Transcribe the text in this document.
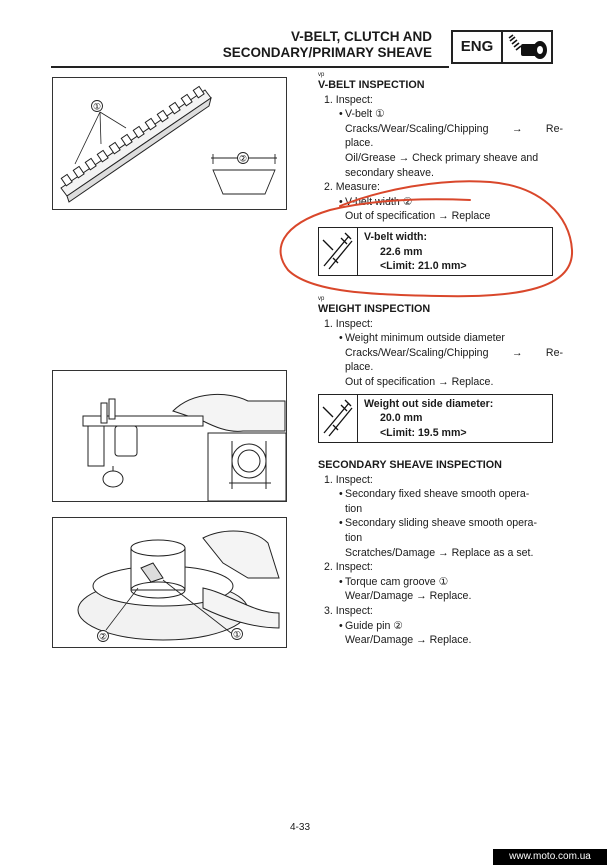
V-BELT, CLUTCH AND
SECONDARY/PRIMARY SHEAVE	ENG
①
②
②	①
vp
V-BELT INSPECTION
1. Inspect:
• V-belt ①
Cracks/Wear/Scaling/Chipping → Re-
place.
Oil/Grease → Check primary sheave and
secondary sheave.
2. Measure:
• V-belt width ②
Out of specification → Replace
V-belt width:
22.6 mm
<Limit: 21.0 mm>
vp
WEIGHT INSPECTION
1. Inspect:
• Weight minimum outside diameter
Cracks/Wear/Scaling/Chipping → Re-
place.
Out of specification → Replace.
Weight out side diameter:
20.0 mm
<Limit: 19.5 mm>
SECONDARY SHEAVE INSPECTION
1. Inspect:
• Secondary fixed sheave smooth opera-
tion
• Secondary sliding sheave smooth opera-
tion
Scratches/Damage → Replace as a set.
2. Inspect:
• Torque cam groove ①
Wear/Damage → Replace.
3. Inspect:
• Guide pin ②
Wear/Damage → Replace.
4-33
www.moto.com.ua
